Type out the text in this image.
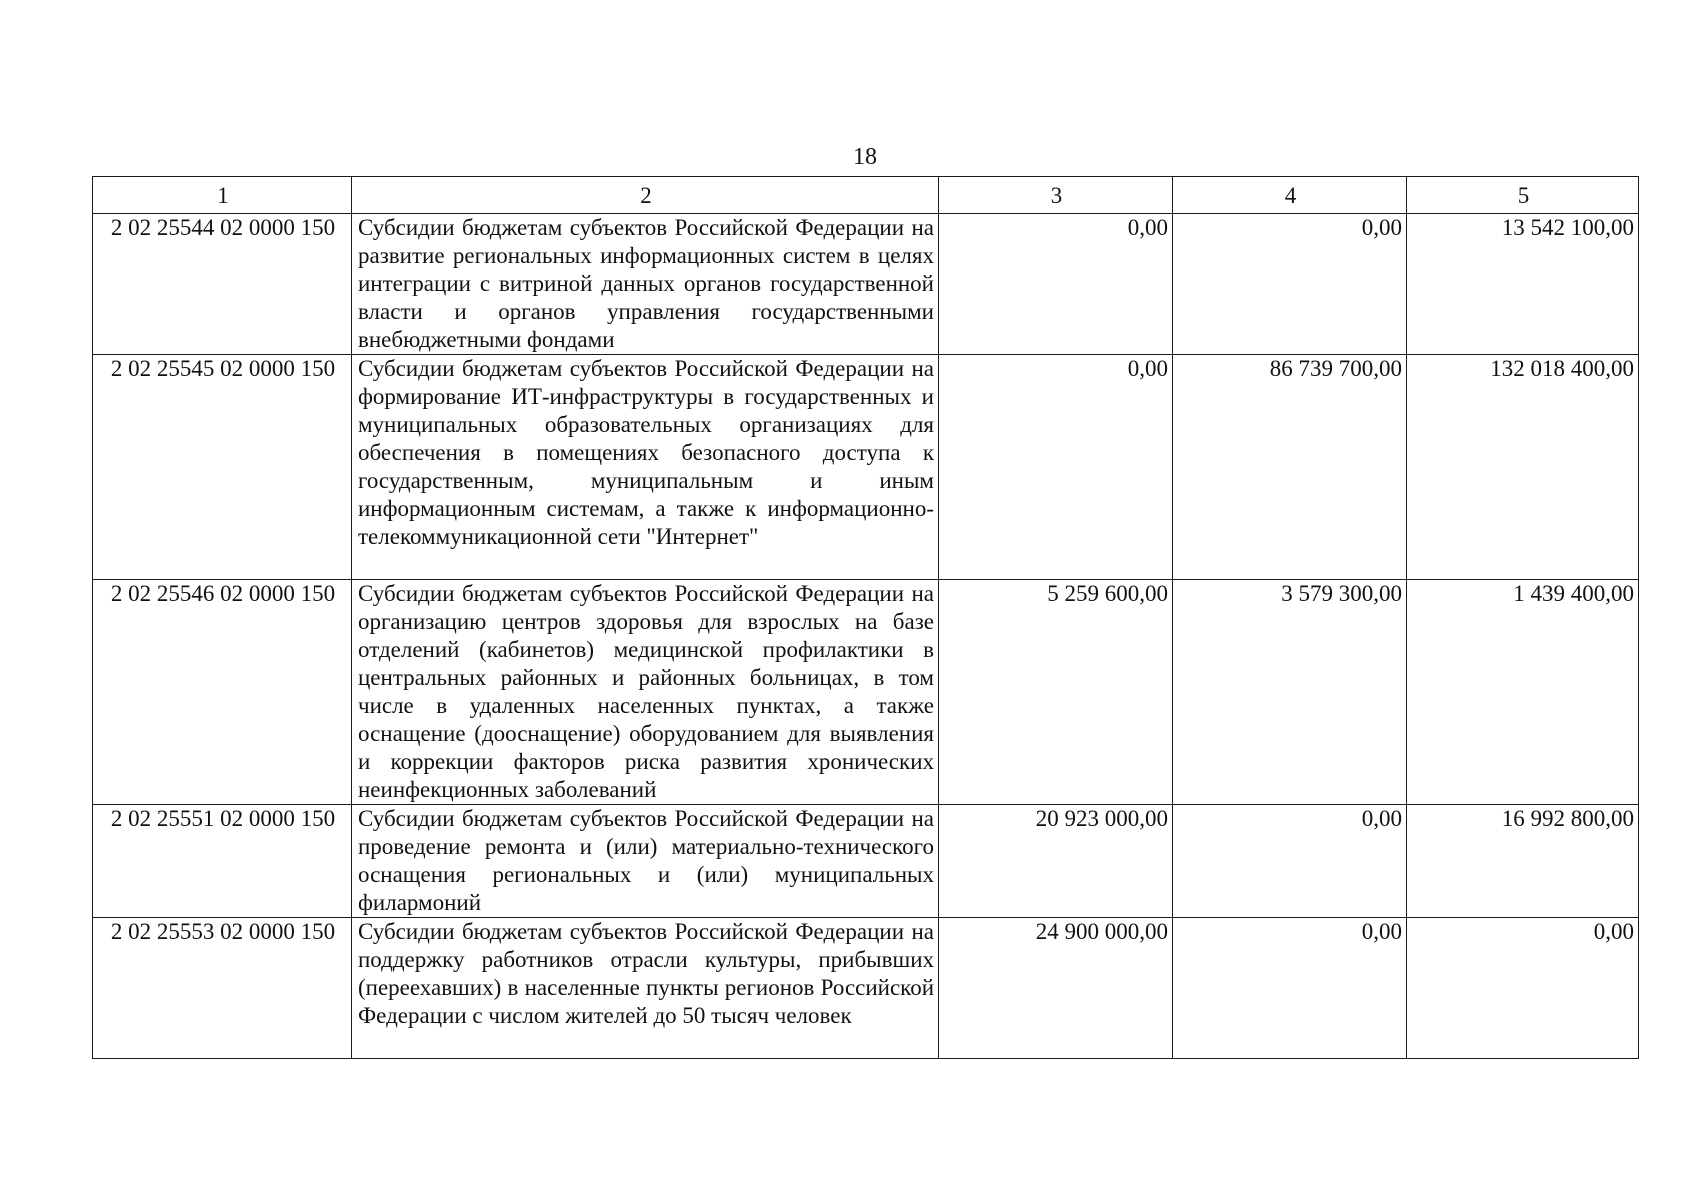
18
1	2	3	4	5
2 02 25544 02 0000 150	Субсидии бюджетам субъектов Российской Федерации на развитие региональных информационных систем в целях интеграции с витриной данных органов государственной власти и органов управления государственными внебюджетными фондами	0,00	0,00	13 542 100,00
2 02 25545 02 0000 150	Субсидии бюджетам субъектов Российской Федерации на формирование ИТ-инфраструктуры в государственных и муниципальных образовательных организациях для обеспечения в помещениях безопасного доступа к государственным, муниципальным и иным информационным системам, а также к информационно-телекоммуникационной сети "Интернет"	0,00	86 739 700,00	132 018 400,00
2 02 25546 02 0000 150	Субсидии бюджетам субъектов Российской Федерации на организацию центров здоровья для взрослых на базе отделений (кабинетов) медицинской профилактики в центральных районных и районных больницах, в том числе в удаленных населенных пунктах, а также оснащение (дооснащение) оборудованием для выявления и коррекции факторов риска развития хронических неинфекционных заболеваний	5 259 600,00	3 579 300,00	1 439 400,00
2 02 25551 02 0000 150	Субсидии бюджетам субъектов Российской Федерации на проведение ремонта и (или) материально-технического оснащения региональных и (или) муниципальных филармоний	20 923 000,00	0,00	16 992 800,00
2 02 25553 02 0000 150	Субсидии бюджетам субъектов Российской Федерации на поддержку работников отрасли культуры, прибывших (переехавших) в населенные пункты регионов Российской Федерации с числом жителей до 50 тысяч человек	24 900 000,00	0,00	0,00
